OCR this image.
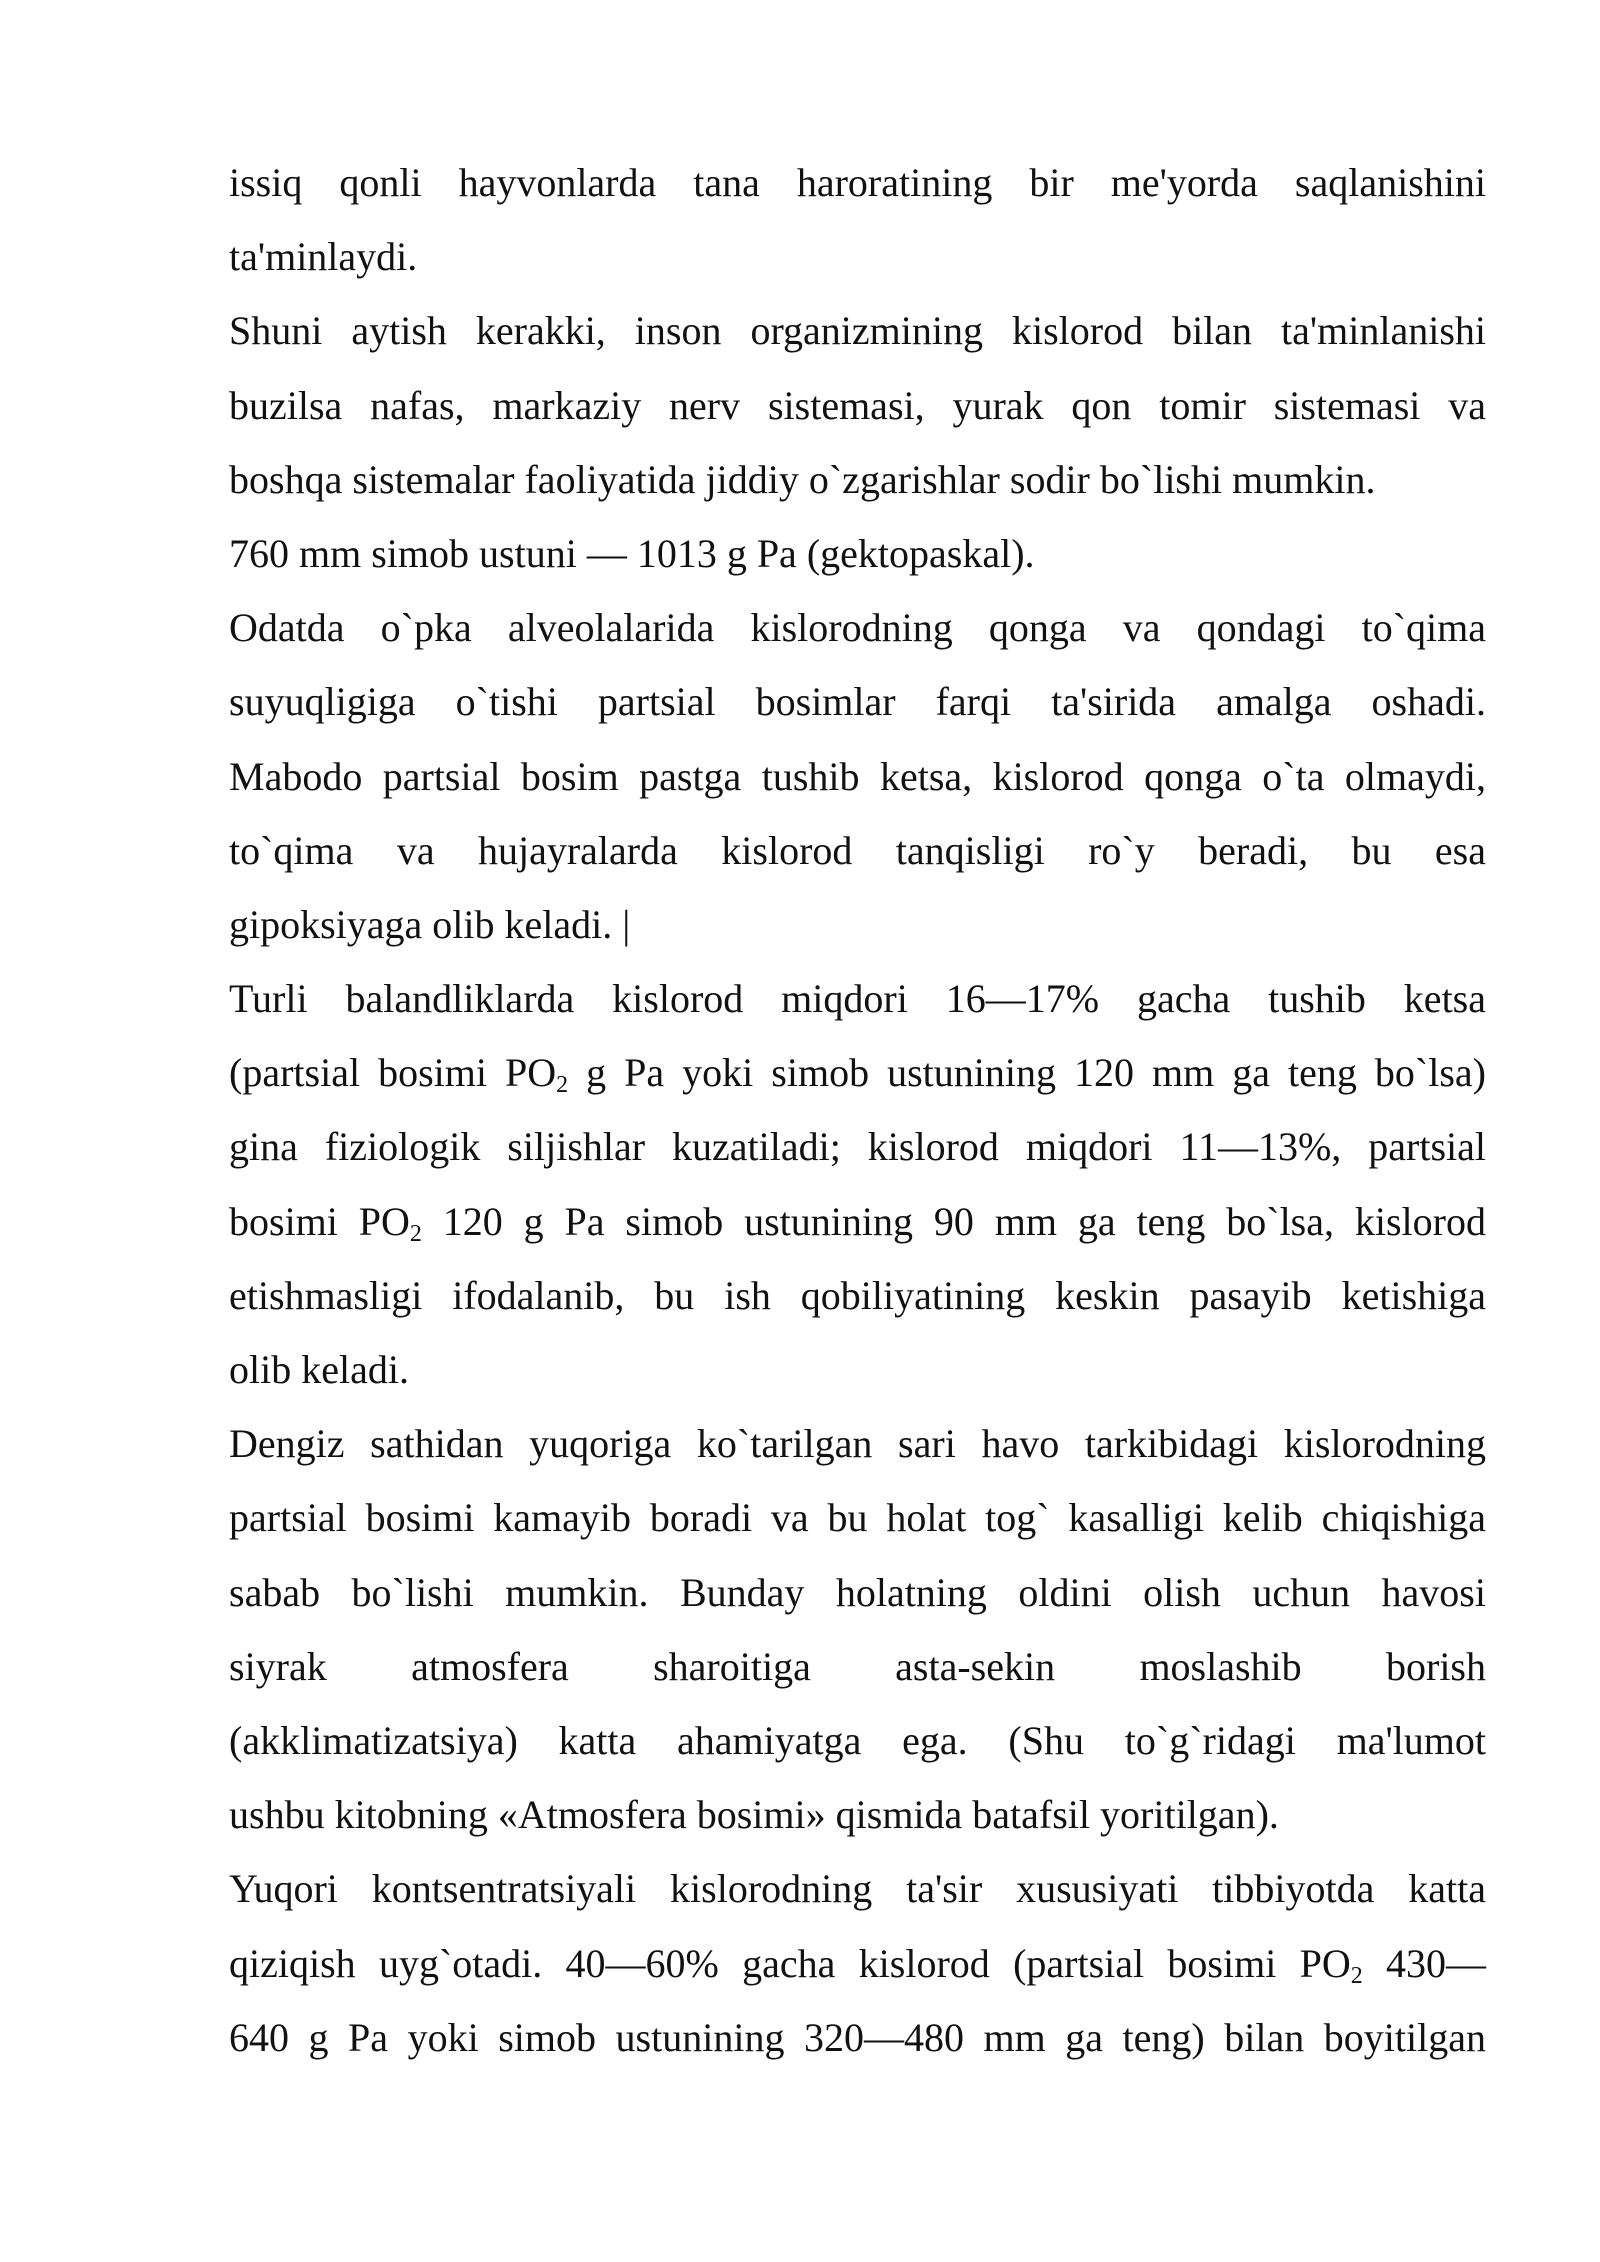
issiq qonli hayvonlarda tana haroratining bir me'yorda saqlanishini
ta'minlaydi.
Shuni aytish kerakki, inson organizmining kislorod bilan ta'minlanishi
buzilsa nafas, markaziy nerv sistemasi, yurak qon tomir sistemasi va
boshqa sistemalar faoliyatida jiddiy o`zgarishlar sodir bo`lishi mumkin.
760 mm simob ustuni — 1013 g Pa (gektopaskal).
Odatda o`pka alveolalarida kislorodning qonga va qondagi to`qima
suyuqligiga o`tishi partsial bosimlar farqi ta'sirida amalga oshadi.
Mabodo partsial bosim pastga tushib ketsa, kislorod qonga o`ta olmaydi,
to`qima va hujayralarda kislorod tanqisligi ro`y beradi, bu esa
gipoksiyaga olib keladi. |
Turli balandliklarda kislorod miqdori 16—17% gacha tushib ketsa
(partsial bosimi $PO_2$ g Pa yoki simob ustunining 120 mm ga teng bo`lsa)
gina fiziologik siljishlar kuzatiladi; kislorod miqdori 11—13%, partsial
bosimi $PO_2$ 120 g Pa simob ustunining 90 mm ga teng bo`lsa, kislorod
etishmasligi ifodalanib, bu ish qobiliyatining keskin pasayib ketishiga
olib keladi.
Dengiz sathidan yuqoriga ko`tarilgan sari havo tarkibidagi kislorodning
partsial bosimi kamayib boradi va bu holat tog` kasalligi kelib chiqishiga
sabab bo`lishi mumkin. Bunday holatning oldini olish uchun havosi
siyrak atmosfera sharoitiga asta-sekin moslashib borish
(akklimatizatsiya) katta ahamiyatga ega. (Shu to`g`ridagi ma'lumot
ushbu kitobning «Atmosfera bosimi» qismida batafsil yoritilgan).
Yuqori kontsentratsiyali kislorodning ta'sir xususiyati tibbiyotda katta
qiziqish uyg`otadi. 40—60% gacha kislorod (partsial bosimi $PO_2$ 430—
640 g Pa yoki simob ustunining 320—480 mm ga teng) bilan boyitilgan
